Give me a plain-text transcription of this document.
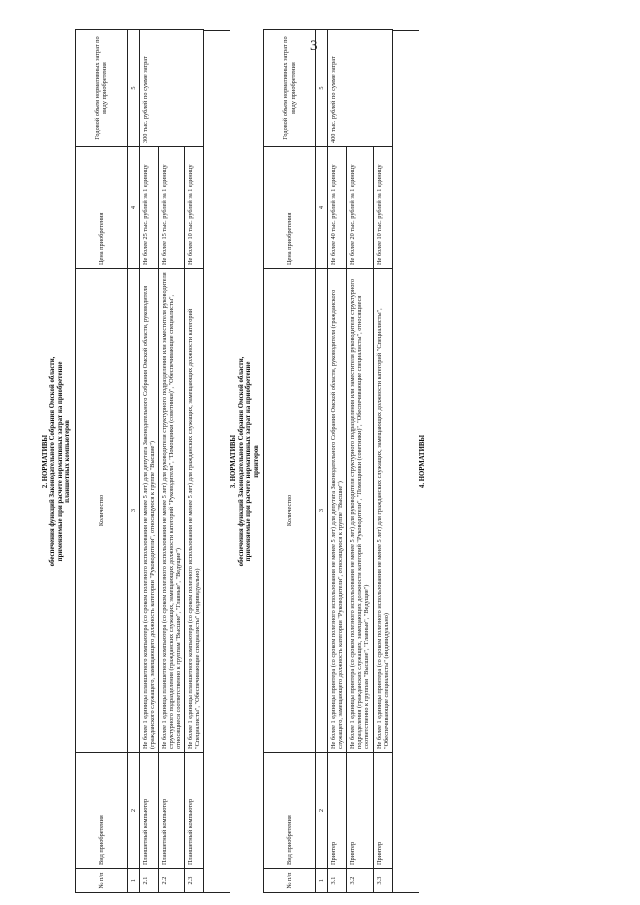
3
2. НОРМАТИВЫ обеспечения функций Законодательного Собрания Омской области, применяемые при расчете нормативных затрат на приобретение планшетных компьютеров
№ п/п	Вид приобретения	Количество	Цена приобретения	Годовой объем нормативных затрат по виду приобретения
1	2	3	4	5
2.1	Планшетный компьютер	Не более 1 единицы планшетного компьютера (со сроком полезного использования не менее 5 лет) для депутата Законодательного Собрания Омской области, руководителя (гражданского служащего, замещающего должность категории "Руководители", относящуюся к группе "Высшие")	Не более 25 тыс. рублей за 1 единицу	300 тыс. рублей по сумме затрат
2.2	Планшетный компьютер	Не более 1 единицы планшетного компьютера (со сроком полезного использования не менее 5 лет) для руководителя структурного подразделения или заместителя руководителя структурного подразделения (гражданских служащих, замещающих должности категорий "Руководители", "Помощники (советники)", "Обеспечивающие специалисты", относящиеся соответственно к группам "Высшие", "Главные", "Ведущие")	Не более 15 тыс. рублей за 1 единицу	
2.3	Планшетный компьютер	Не более 1 единицы планшетного компьютера (со сроком полезного использования не менее 5 лет) для гражданских служащих, замещающих должности категорий "Специалисты", "Обеспечивающие специалисты" (индивидуально)	Не более 10 тыс. рублей за 1 единицу	
3. НОРМАТИВЫ обеспечения функций Законодательного Собрания Омской области, применяемые при расчете нормативных затрат на приобретение принтеров
№ п/п	Вид приобретения	Количество	Цена приобретения	Годовой объем нормативных затрат по виду приобретения
1	2	3	4	5
3.1	Принтер	Не более 1 единицы принтера (со сроком полезного использования не менее 5 лет) для депутата Законодательного Собрания Омской области, руководителя (гражданского служащего, замещающего должность категории "Руководители", относящуюся к группе "Высшие")	Не более 40 тыс. рублей за 1 единицу	400 тыс. рублей по сумме затрат
3.2	Принтер	Не более 1 единицы принтера (со сроком полезного использования не менее 5 лет) для руководителя структурного подразделения или заместителя руководителя структурного подразделения (гражданских служащих, замещающих должности категорий "Руководители", "Помощники (советники)", "Обеспечивающие специалисты", относящиеся соответственно к группам "Высшие", "Главные", "Ведущие")	Не более 20 тыс. рублей за 1 единицу	
3.3	Принтер	Не более 1 единицы принтера (со сроком полезного использования не менее 5 лет) для гражданских служащих, замещающих должности категорий "Специалисты", "Обеспечивающие специалисты" (индивидуально)	Не более 10 тыс. рублей за 1 единицу	
4. НОРМАТИВЫ
